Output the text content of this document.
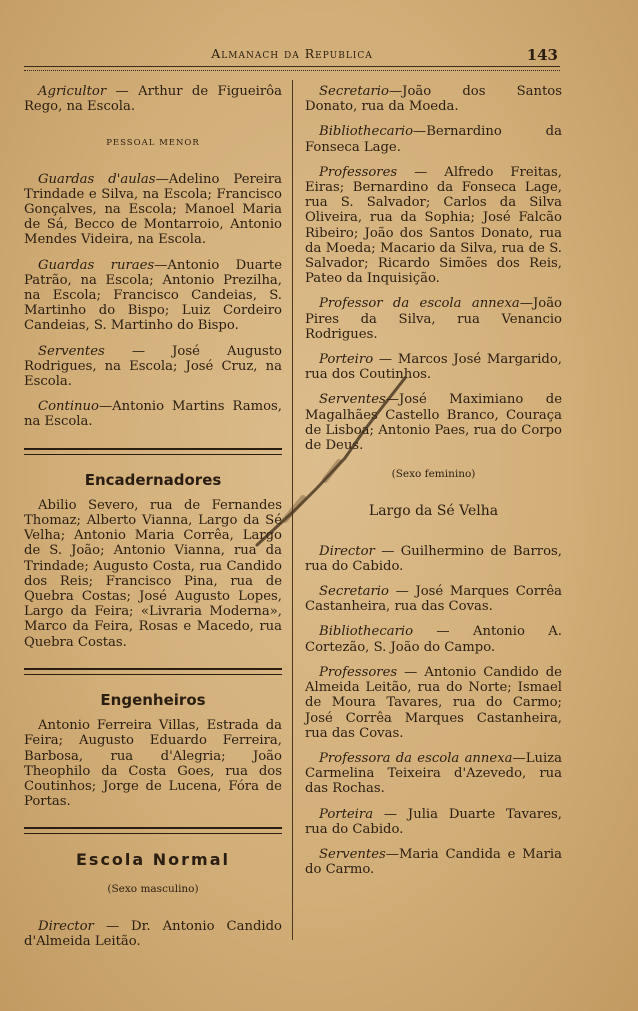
Almanach da Republica	143

Agricultor — Arthur de Figueirôa Rego, na Escola.

PESSOAL MENOR

Guardas d'aulas—Adelino Pereira Trindade e Silva, na Escola; Francisco Gonçalves, na Escola; Manoel Maria de Sá, Becco de Montarroio, Antonio Mendes Videira, na Escola.

Guardas ruraes—Antonio Duarte Patrão, na Escola; Antonio Prezilha, na Escola; Francisco Candeias, S. Martinho do Bispo; Luiz Cordeiro Candeias, S. Martinho do Bispo.

Serventes — José Augusto Rodrigues, na Escola; José Cruz, na Escola.

Continuo—Antonio Martins Ramos, na Escola.

Encadernadores

Abilio Severo, rua de Fernandes Thomaz; Alberto Vianna, Largo da Sé Velha; Antonio Maria Corrêa, Largo de S. João; Antonio Vianna, rua da Trindade; Augusto Costa, rua Candido dos Reis; Francisco Pina, rua de Quebra Costas; José Augusto Lopes, Largo da Feira; «Livraria Moderna», Marco da Feira, Rosas e Macedo, rua Quebra Costas.

Engenheiros

Antonio Ferreira Villas, Estrada da Feira; Augusto Eduardo Ferreira, Barbosa, rua d'Alegria; João Theophilo da Costa Goes, rua dos Coutinhos; Jorge de Lucena, Fóra de Portas.

Escola Normal
(Sexo masculino)

Director — Dr. Antonio Candido d'Almeida Leitão.

Secretario—João dos Santos Donato, rua da Moeda.

Bibliothecario—Bernardino da Fonseca Lage.

Professores — Alfredo Freitas, Eiras; Bernardino da Fonseca Lage, rua S. Salvador; Carlos da Silva Oliveira, rua da Sophia; José Falcão Ribeiro; João dos Santos Donato, rua da Moeda; Macario da Silva, rua de S. Salvador; Ricardo Simões dos Reis, Pateo da Inquisição.

Professor da escola annexa—João Pires da Silva, rua Venancio Rodrigues.

Porteiro — Marcos José Margarido, rua dos Coutinhos.

Serventes—José Maximiano de Magalhães Castello Branco, Couraça de Lisboa; Antonio Paes, rua do Corpo de Deus.

(Sexo feminino)
Largo da Sé Velha

Director — Guilhermino de Barros, rua do Cabido.

Secretario — José Marques Corrêa Castanheira, rua das Covas.

Bibliothecario — Antonio A. Cortezão, S. João do Campo.

Professores — Antonio Candido de Almeida Leitão, rua do Norte; Ismael de Moura Tavares, rua do Carmo; José Corrêa Marques Castanheira, rua das Covas.

Professora da escola annexa—Luiza Carmelina Teixeira d'Azevedo, rua das Rochas.

Porteira — Julia Duarte Tavares, rua do Cabido.

Serventes—Maria Candida e Maria do Carmo.
